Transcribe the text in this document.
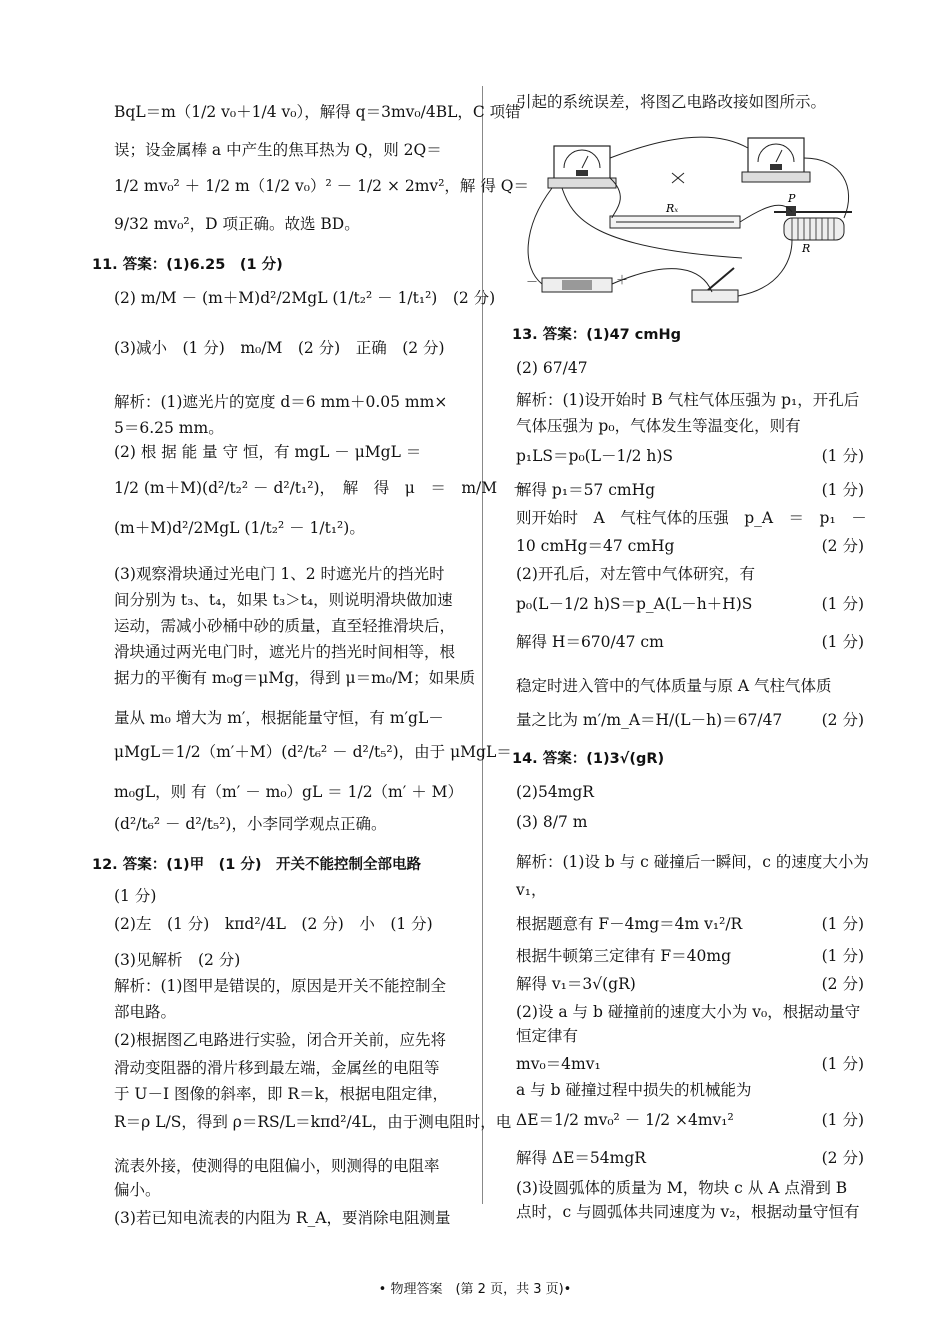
BqL＝m（1/2 v₀＋1/4 v₀），解得 q＝3mv₀/4BL，C 项错
误；设金属棒 a 中产生的焦耳热为 Q，则 2Q＝
1/2 mv₀² ＋ 1/2 m（1/2 v₀）² － 1/2 × 2mv²，解 得 Q＝
9/32 mv₀²，D 项正确。故选 BD。
11. 答案：(1)6.25　(1 分)
(2) m/M － (m＋M)d²/2MgL (1/t₂² － 1/t₁²)　(2 分)
(3)减小　(1 分)　m₀/M　(2 分)　正确　(2 分)
解析：(1)遮光片的宽度 d＝6 mm＋0.05 mm×
5＝6.25 mm。
(2) 根 据 能 量 守 恒，有 mgL － μMgL ＝
1/2 (m＋M)(d²/t₂² － d²/t₁²)，　解　得　μ　＝　m/M　－
(m＋M)d²/2MgL (1/t₂² － 1/t₁²)。
(3)观察滑块通过光电门 1、2 时遮光片的挡光时
间分别为 t₃、t₄，如果 t₃＞t₄，则说明滑块做加速
运动，需减小砂桶中砂的质量，直至轻推滑块后，
滑块通过两光电门时，遮光片的挡光时间相等，根
据力的平衡有 m₀g＝μMg，得到 μ＝m₀/M；如果质
量从 m₀ 增大为 m′，根据能量守恒，有 m′gL－
μMgL＝1/2（m′＋M）(d²/t₆² － d²/t₅²)，由于 μMgL＝
m₀gL，则 有（m′ － m₀）gL ＝ 1/2（m′ ＋ M）
(d²/t₆² － d²/t₅²)，小李同学观点正确。
12. 答案：(1)甲　(1 分)　开关不能控制全部电路
(1 分)
(2)左　(1 分)　kπd²/4L　(2 分)　小　(1 分)
(3)见解析　(2 分)
解析：(1)图甲是错误的，原因是开关不能控制全
部电路。
(2)根据图乙电路进行实验，闭合开关前，应先将
滑动变阻器的滑片移到最左端，金属丝的电阻等
于 U－I 图像的斜率，即 R＝k，根据电阻定律，
R＝ρ L/S，得到 ρ＝RS/L＝kπd²/4L，由于测电阻时，电
流表外接，使测得的电阻偏小，则测得的电阻率
偏小。
(3)若已知电流表的内阻为 R_A，要消除电阻测量
引起的系统误差，将图乙电路改接如图所示。
13. 答案：(1)47 cmHg
(2) 67/47
解析：(1)设开始时 B 气柱气体压强为 p₁，开孔后
气体压强为 p₀，气体发生等温变化，则有
p₁LS＝p₀(L－1/2 h)S	(1 分)
解得 p₁＝57 cmHg	(1 分)
则开始时　A　气柱气体的压强　p_A　＝　p₁　－
10 cmHg＝47 cmHg	(2 分)
(2)开孔后，对左管中气体研究，有
p₀(L－1/2 h)S＝p_A(L－h＋H)S	(1 分)
解得 H＝670/47 cm	(1 分)
稳定时进入管中的气体质量与原 A 气柱气体质
量之比为 m′/m_A＝H/(L－h)＝67/47	(2 分)
14. 答案：(1)3√(gR)
(2)54mgR
(3) 8/7 m
解析：(1)设 b 与 c 碰撞后一瞬间，c 的速度大小为
v₁，
根据题意有 F－4mg＝4m v₁²/R	(1 分)
根据牛顿第三定律有 F＝40mg	(1 分)
解得 v₁＝3√(gR)	(2 分)
(2)设 a 与 b 碰撞前的速度大小为 v₀，根据动量守
恒定律有
mv₀＝4mv₁	(1 分)
a 与 b 碰撞过程中损失的机械能为
ΔE＝1/2 mv₀² － 1/2 ×4mv₁²	(1 分)
解得 ΔE＝54mgR	(2 分)
(3)设圆弧体的质量为 M，物块 c 从 A 点滑到 B
点时，c 与圆弧体共同速度为 v₂，根据动量守恒有
Rₓ
P
R
－	＋
• 物理答案　(第 2 页，共 3 页)•
